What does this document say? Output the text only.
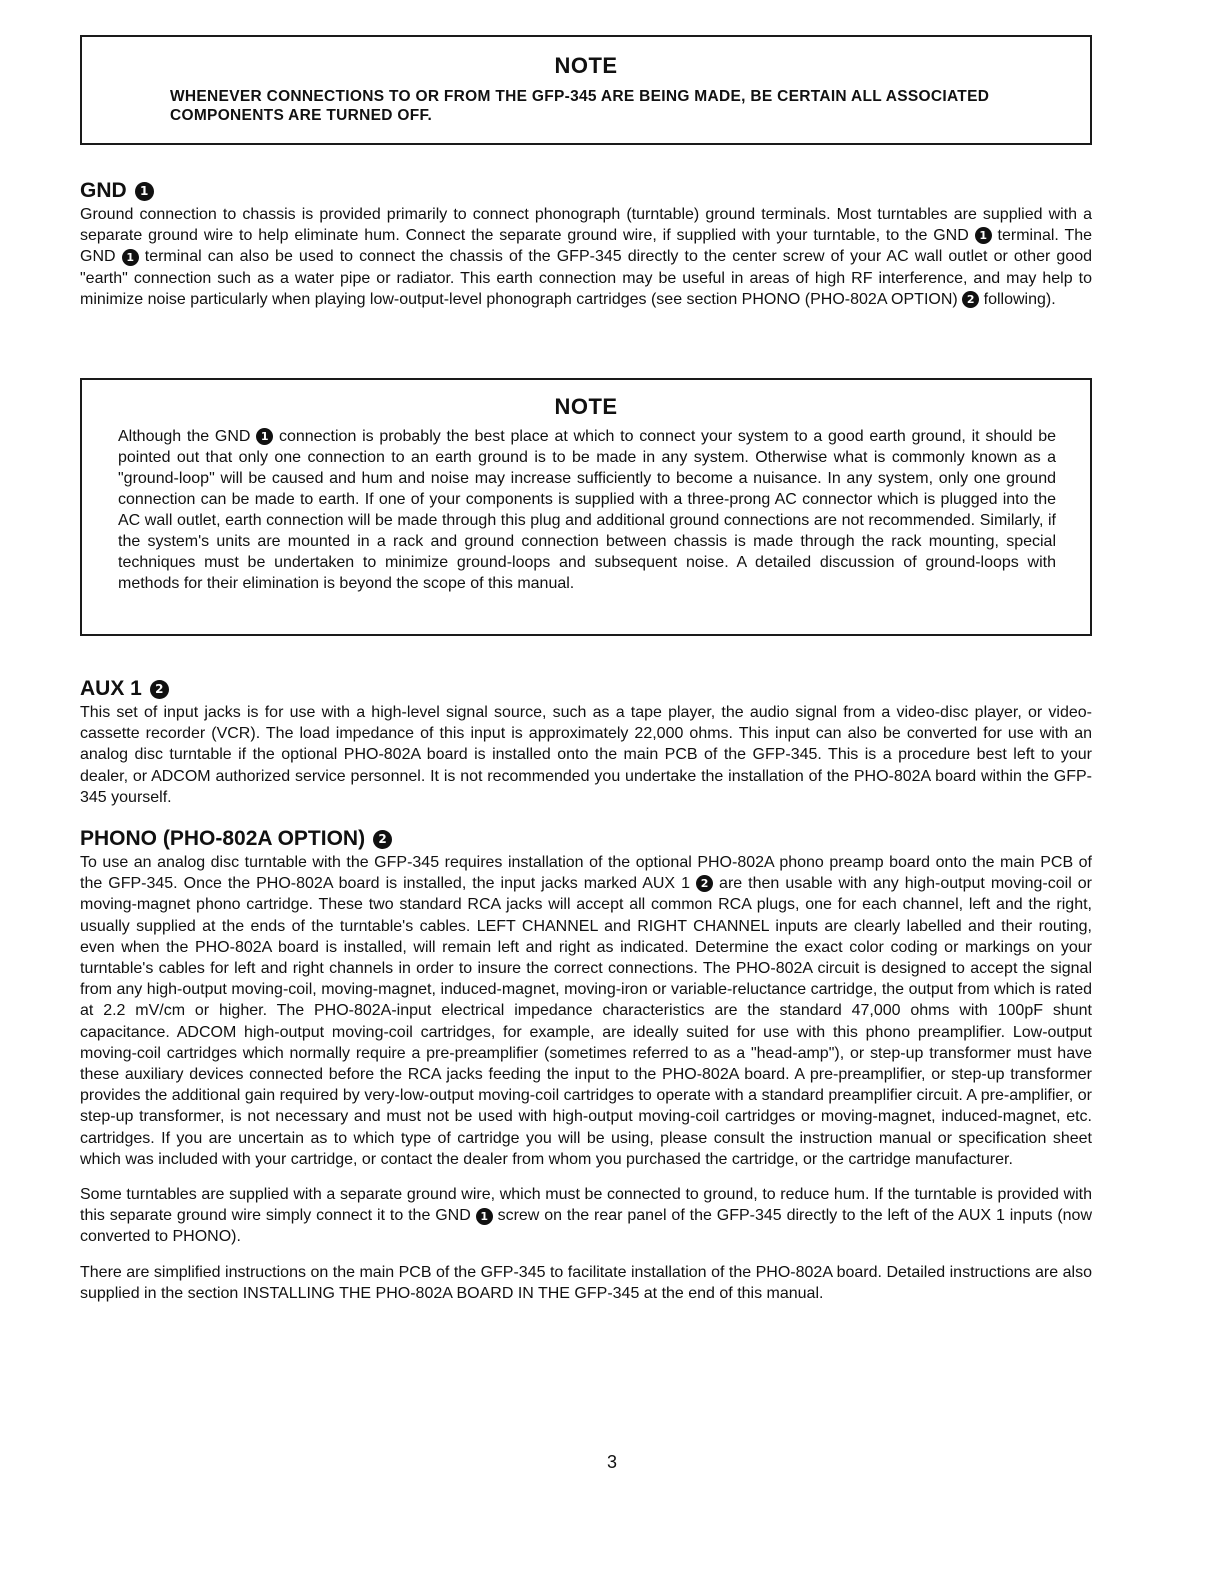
NOTE

WHENEVER CONNECTIONS TO OR FROM THE GFP-345 ARE BEING MADE, BE CERTAIN ALL ASSOCIATED COMPONENTS ARE TURNED OFF.

GND	1

Ground connection to chassis is provided primarily to connect phonograph (turntable) ground terminals. Most turntables are supplied with a separate ground wire to help eliminate hum. Connect the separate ground wire, if supplied with your turntable, to the GND 1 terminal. The GND 1 terminal can also be used to connect the chassis of the GFP-345 directly to the center screw of your AC wall outlet or other good "earth" connection such as a water pipe or radiator. This earth connection may be useful in areas of high RF interference, and may help to minimize noise particularly when playing low-output-level phonograph cartridges (see section PHONO (PHO-802A OPTION) 2 following).

NOTE

Although the GND 1 connection is probably the best place at which to connect your system to a good earth ground, it should be pointed out that only one connection to an earth ground is to be made in any system. Otherwise what is commonly known as a "ground-loop" will be caused and hum and noise may increase sufficiently to become a nuisance. In any system, only one ground connection can be made to earth. If one of your components is supplied with a three-prong AC connector which is plugged into the AC wall outlet, earth connection will be made through this plug and additional ground connections are not recommended. Similarly, if the system's units are mounted in a rack and ground connection between chassis is made through the rack mounting, special techniques must be undertaken to minimize ground-loops and subsequent noise. A detailed discussion of ground-loops with methods for their elimination is beyond the scope of this manual.

AUX 1	2

This set of input jacks is for use with a high-level signal source, such as a tape player, the audio signal from a video-disc player, or video-cassette recorder (VCR). The load impedance of this input is approximately 22,000 ohms. This input can also be converted for use with an analog disc turntable if the optional PHO-802A board is installed onto the main PCB of the GFP-345. This is a procedure best left to your dealer, or ADCOM authorized service personnel. It is not recommended you undertake the installation of the PHO-802A board within the GFP-345 yourself.

PHONO (PHO-802A OPTION)	2

To use an analog disc turntable with the GFP-345 requires installation of the optional PHO-802A phono preamp board onto the main PCB of the GFP-345. Once the PHO-802A board is installed, the input jacks marked AUX 1 2 are then usable with any high-output moving-coil or moving-magnet phono cartridge. These two standard RCA jacks will accept all common RCA plugs, one for each channel, left and the right, usually supplied at the ends of the turntable's cables. LEFT CHANNEL and RIGHT CHANNEL inputs are clearly labelled and their routing, even when the PHO-802A board is installed, will remain left and right as indicated. Determine the exact color coding or markings on your turntable's cables for left and right channels in order to insure the correct connections. The PHO-802A circuit is designed to accept the signal from any high-output moving-coil, moving-magnet, induced-magnet, moving-iron or variable-reluctance cartridge, the output from which is rated at 2.2 mV/cm or higher. The PHO-802A-input electrical impedance characteristics are the standard 47,000 ohms with 100pF shunt capacitance. ADCOM high-output moving-coil cartridges, for example, are ideally suited for use with this phono preamplifier. Low-output moving-coil cartridges which normally require a pre-preamplifier (sometimes referred to as a "head-amp"), or step-up transformer must have these auxiliary devices connected before the RCA jacks feeding the input to the PHO-802A board. A pre-preamplifier, or step-up transformer provides the additional gain required by very-low-output moving-coil cartridges to operate with a standard preamplifier circuit. A pre-amplifier, or step-up transformer, is not necessary and must not be used with high-output moving-coil cartridges or moving-magnet, induced-magnet, etc. cartridges. If you are uncertain as to which type of cartridge you will be using, please consult the instruction manual or specification sheet which was included with your cartridge, or contact the dealer from whom you purchased the cartridge, or the cartridge manufacturer.

Some turntables are supplied with a separate ground wire, which must be connected to ground, to reduce hum. If the turntable is provided with this separate ground wire simply connect it to the GND 1 screw on the rear panel of the GFP-345 directly to the left of the AUX 1 inputs (now converted to PHONO).

There are simplified instructions on the main PCB of the GFP-345 to facilitate installation of the PHO-802A board. Detailed instructions are also supplied in the section INSTALLING THE PHO-802A BOARD IN THE GFP-345 at the end of this manual.

3
